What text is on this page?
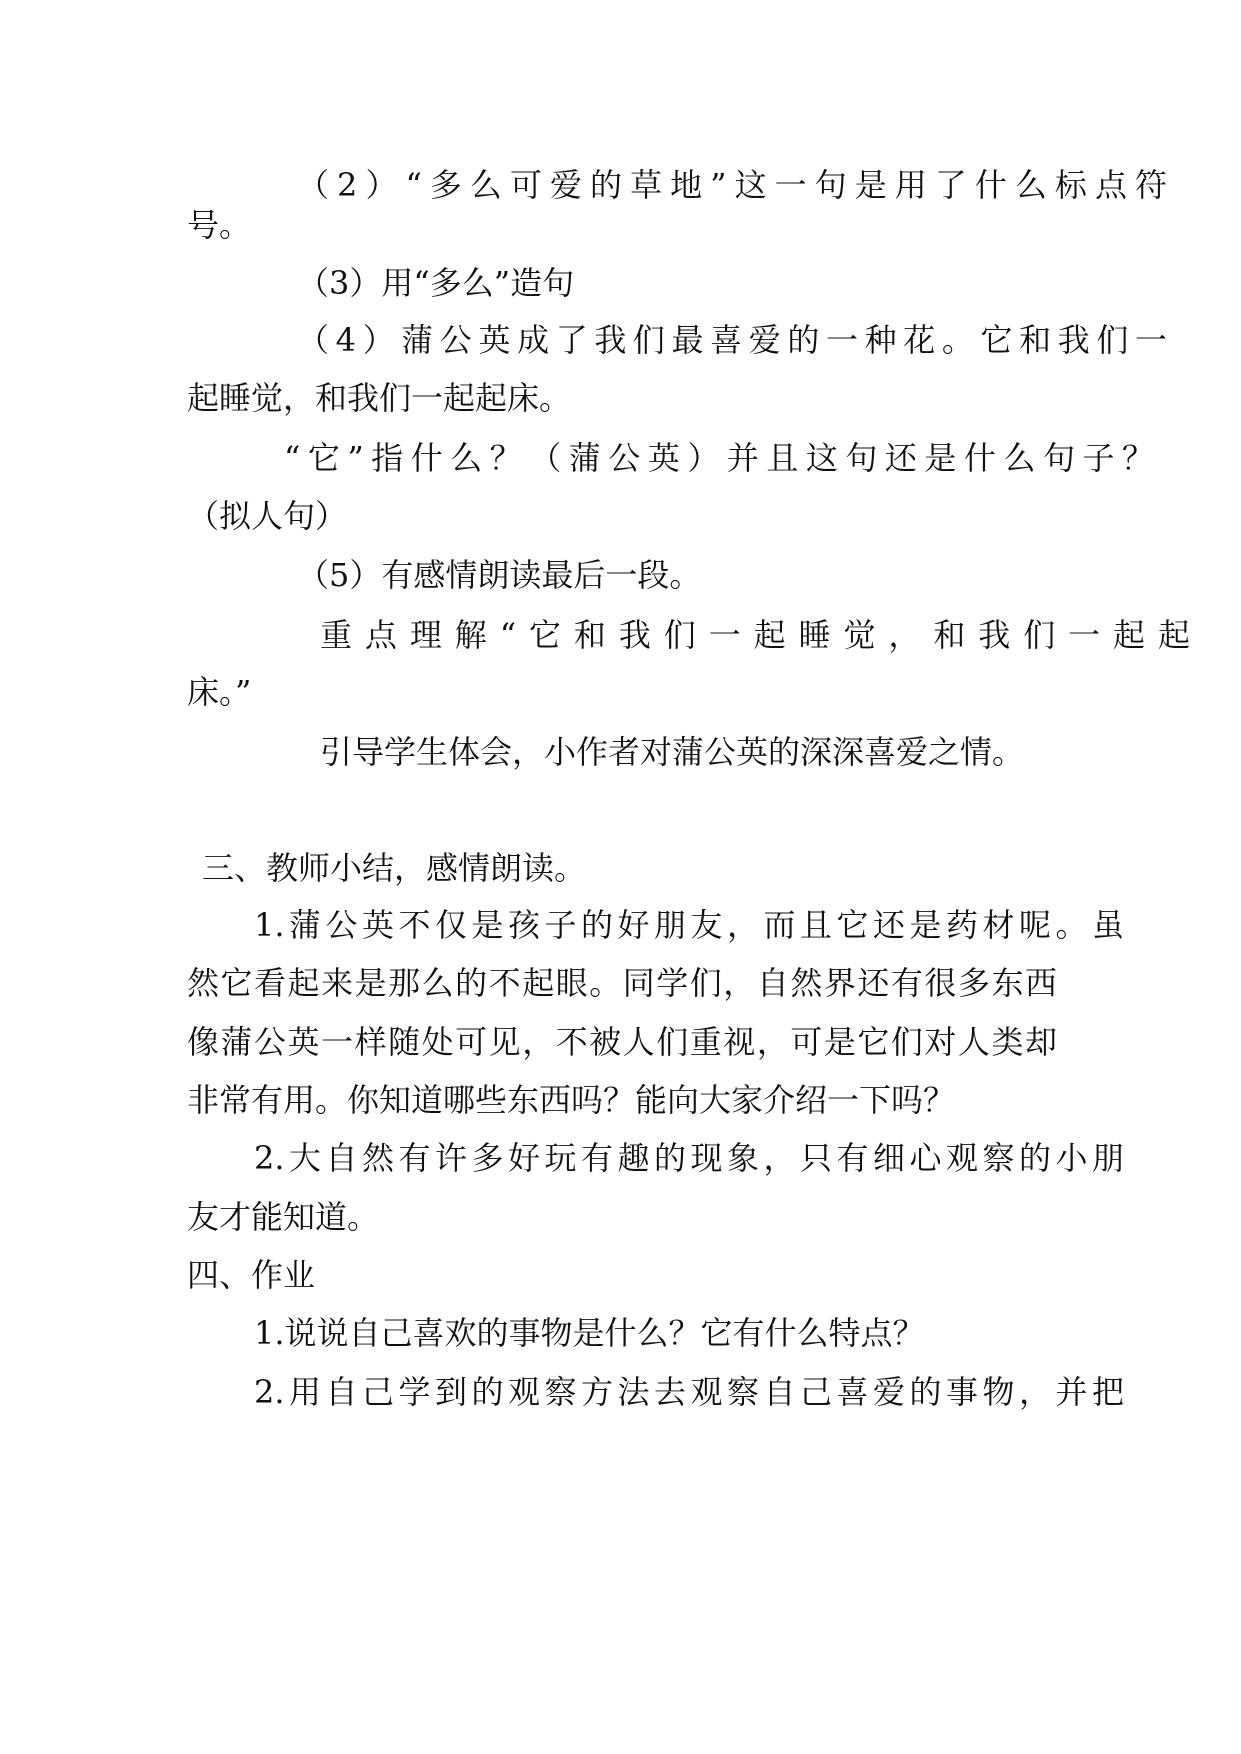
（2）“多么可爱的草地”这一句是用了什么标点符
号。
（3）用“多么”造句
（4）蒲公英成了我们最喜爱的一种花。它和我们一
起睡觉，和我们一起起床。
“它”指什么？（蒲公英）并且这句还是什么句子？
（拟人句）
（5）有感情朗读最后一段。
重点理解“它和我们一起睡觉，和我们一起起
床。”
引导学生体会，小作者对蒲公英的深深喜爱之情。
三、教师小结，感情朗读。
1.蒲公英不仅是孩子的好朋友，而且它还是药材呢。虽
然它看起来是那么的不起眼。同学们，自然界还有很多东西
像蒲公英一样随处可见，不被人们重视，可是它们对人类却
非常有用。你知道哪些东西吗？能向大家介绍一下吗？
2.大自然有许多好玩有趣的现象，只有细心观察的小朋
友才能知道。
四、作业
1.说说自己喜欢的事物是什么？它有什么特点？
2.用自己学到的观察方法去观察自己喜爱的事物，并把
